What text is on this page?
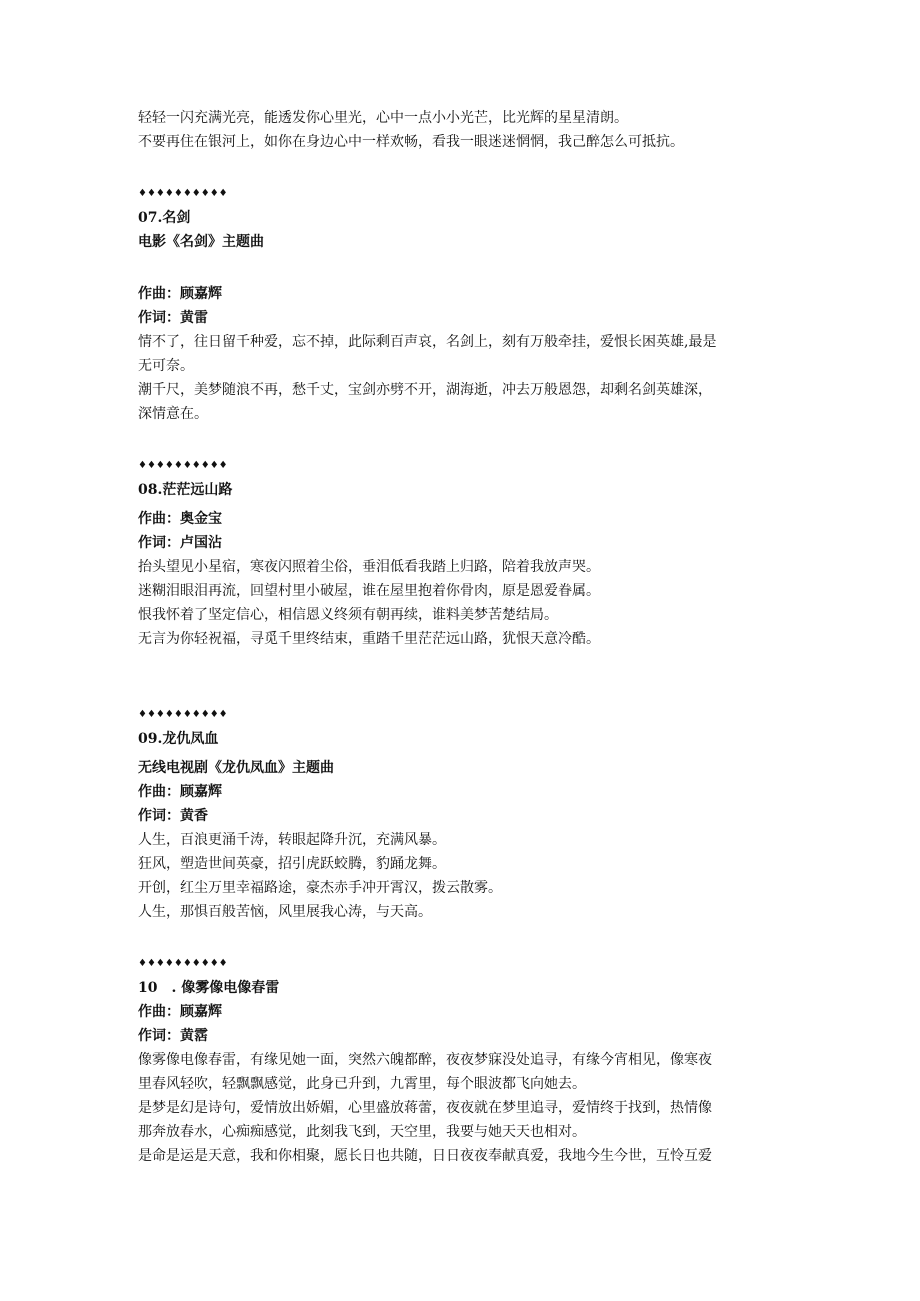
轻轻一闪充满光亮，能透发你心里光，心中一点小小光芒，比光辉的星星清朗。
不要再住在银河上，如你在身边心中一样欢畅，看我一眼迷迷惘惘，我己醉怎么可抵抗。
♦♦♦♦♦♦♦♦♦♦
07.名剑
电影《名剑》主题曲
作曲：顾嘉辉
作词：黄雷
情不了，往日留千种爱，忘不掉，此际剩百声哀，名剑上，刻有万般牵挂，爱恨长困英雄,最是
无可奈。
潮千尺，美梦随浪不再，愁千丈，宝剑亦劈不开，湖海逝，冲去万般恩怨，却剩名剑英雄深，
深情意在。
♦♦♦♦♦♦♦♦♦♦
08.茫茫远山路
作曲：奥金宝
作词：卢国沾
抬头望见小星宿，寒夜闪照着尘俗，垂泪低看我踏上归路，陪着我放声哭。
迷糊泪眼泪再流，回望村里小破屋，谁在屋里抱着你骨肉，原是恩爱眷属。
恨我怀着了坚定信心，相信恩义终须有朝再续，谁料美梦苦楚结局。
无言为你轻祝福，寻觅千里终结束，重踏千里茫茫远山路，犹恨天意冷酷。
♦♦♦♦♦♦♦♦♦♦
09.龙仇凤血
无线电视剧《龙仇凤血》主题曲
作曲：顾嘉辉
作词：黄香
人生，百浪更涌千涛，转眼起降升沉，充满风暴。
狂风，塑造世间英豪，招引虎跃蛟腾，豹踊龙舞。
开创，红尘万里幸福路途，豪杰赤手冲开霄汉，拨云散雾。
人生，那惧百般苦恼，风里展我心涛，与天高。
♦♦♦♦♦♦♦♦♦♦
10　. 像雾像电像春雷
作曲：顾嘉辉
作词：黄霑
像雾像电像春雷，有缘见她一面，突然六魄都醉，夜夜梦寐没处追寻，有缘今宵相见，像寒夜
里春风轻吹，轻飘飘感觉，此身已升到，九霄里，每个眼波都飞向她去。
是梦是幻是诗句，爱情放出娇媚，心里盛放蒋蕾，夜夜就在梦里追寻，爱情终于找到，热情像
那奔放春水，心痴痴感觉，此刻我飞到，天空里，我要与她天天也相对。
是命是运是天意，我和你相聚，愿长日也共随，日日夜夜奉献真爱，我地今生今世，互怜互爱
